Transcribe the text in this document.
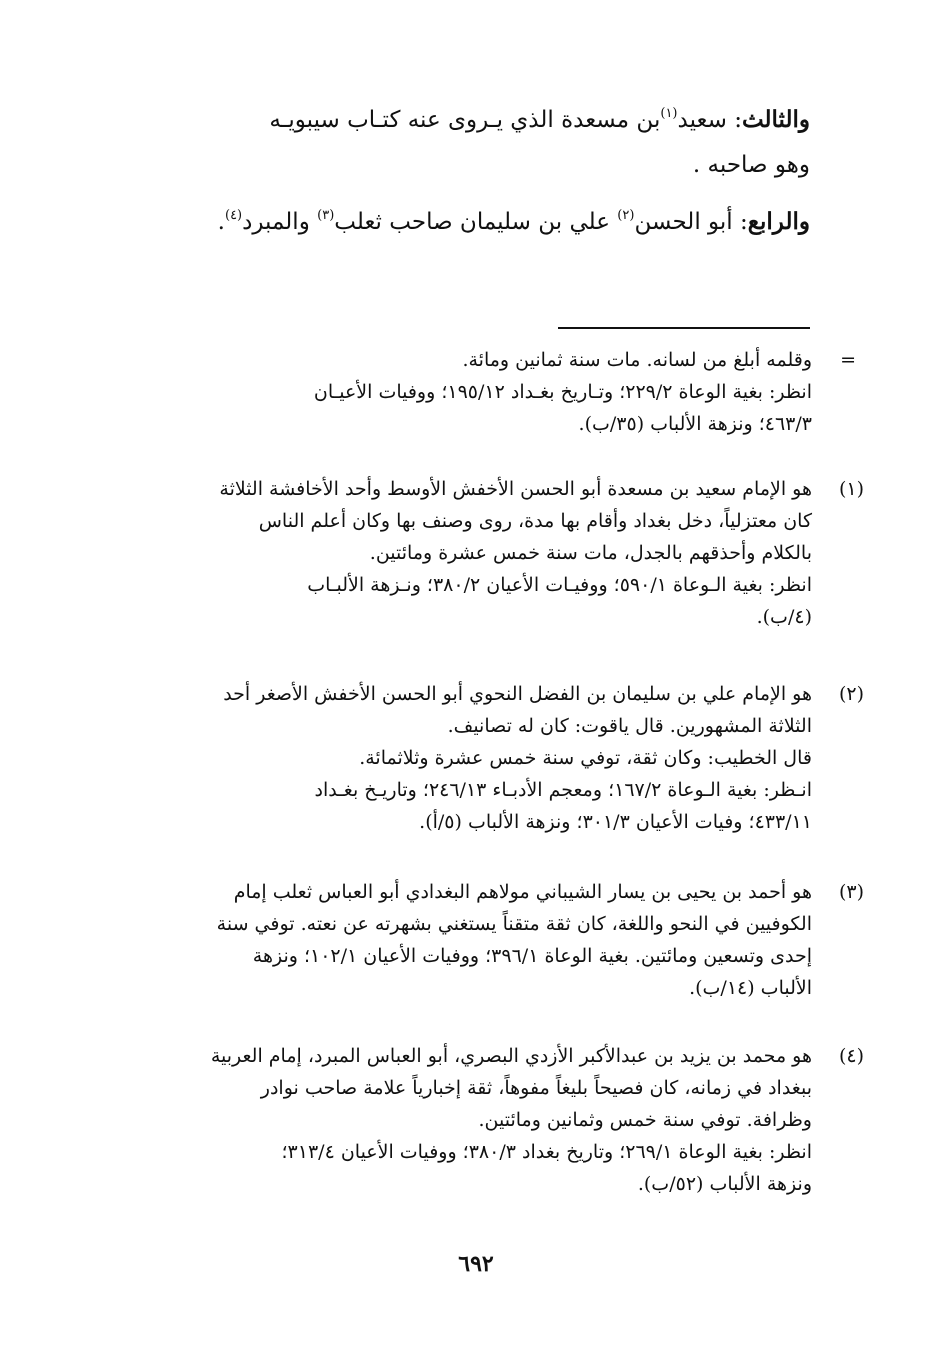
والثالث: سعيد$^{(١)}$بن مسعدة الذي يـروى عنه كتـاب سيبويـه
وهو صاحبه .
والرابع: أبو الحسن$^{(٢)}$ علي بن سليمان صاحب ثعلب$^{(٣)}$ والمبرد$^{(٤)}$.
=
وقلمه أبلغ من لسانه. مات سنة ثمانين ومائة.
انظر: بغية الوعاة ٢٢٩/٢؛ وتـاريخ بغـداد ١٩٥/١٢؛ ووفيات الأعيـان
٤٦٣/٣؛ ونزهة الألباب (٣٥/ب).
(١)
هو الإمام سعيد بن مسعدة أبو الحسن الأخفش الأوسط وأحد الأخافشة الثلاثة
كان معتزلياً، دخل بغداد وأقام بها مدة، روى وصنف بها وكان أعلم الناس
بالكلام وأحذقهم بالجدل، مات سنة خمس عشرة ومائتين.
انظر: بغية الـوعاة ٥٩٠/١؛ ووفيـات الأعيان ٣٨٠/٢؛ ونـزهة الألبـاب
(٤/ب).
(٢)
هو الإمام علي بن سليمان بن الفضل النحوي أبو الحسن الأخفش الأصغر أحد
الثلاثة المشهورين. قال ياقوت: كان له تصانيف.
قال الخطيب: وكان ثقة، توفي سنة خمس عشرة وثلاثمائة.
انـظر: بغية الـوعاة ١٦٧/٢؛ ومعجم الأدبـاء ٢٤٦/١٣؛ وتاريـخ بغـداد
٤٣٣/١١؛ وفيات الأعيان ٣٠١/٣؛ ونزهة الألباب (٥/أ).
(٣)
هو أحمد بن يحيى بن يسار الشيباني مولاهم البغدادي أبو العباس ثعلب إمام
الكوفيين في النحو واللغة، كان ثقة متقناً يستغني بشهرته عن نعته. توفي سنة
إحدى وتسعين ومائتين. بغية الوعاة ٣٩٦/١؛ ووفيات الأعيان ١٠٢/١؛ ونزهة
الألباب (١٤/ب).
(٤)
هو محمد بن يزيد بن عبدالأكبر الأزدي البصري، أبو العباس المبرد، إمام العربية
ببغداد في زمانه، كان فصيحاً بليغاً مفوهاً، ثقة إخبارياً علامة صاحب نوادر
وظرافة. توفي سنة خمس وثمانين ومائتين.
انظر: بغية الوعاة ٢٦٩/١؛ وتاريخ بغداد ٣٨٠/٣؛ ووفيات الأعيان ٣١٣/٤؛
ونزهة الألباب (٥٢/ب).
٦٩٢
